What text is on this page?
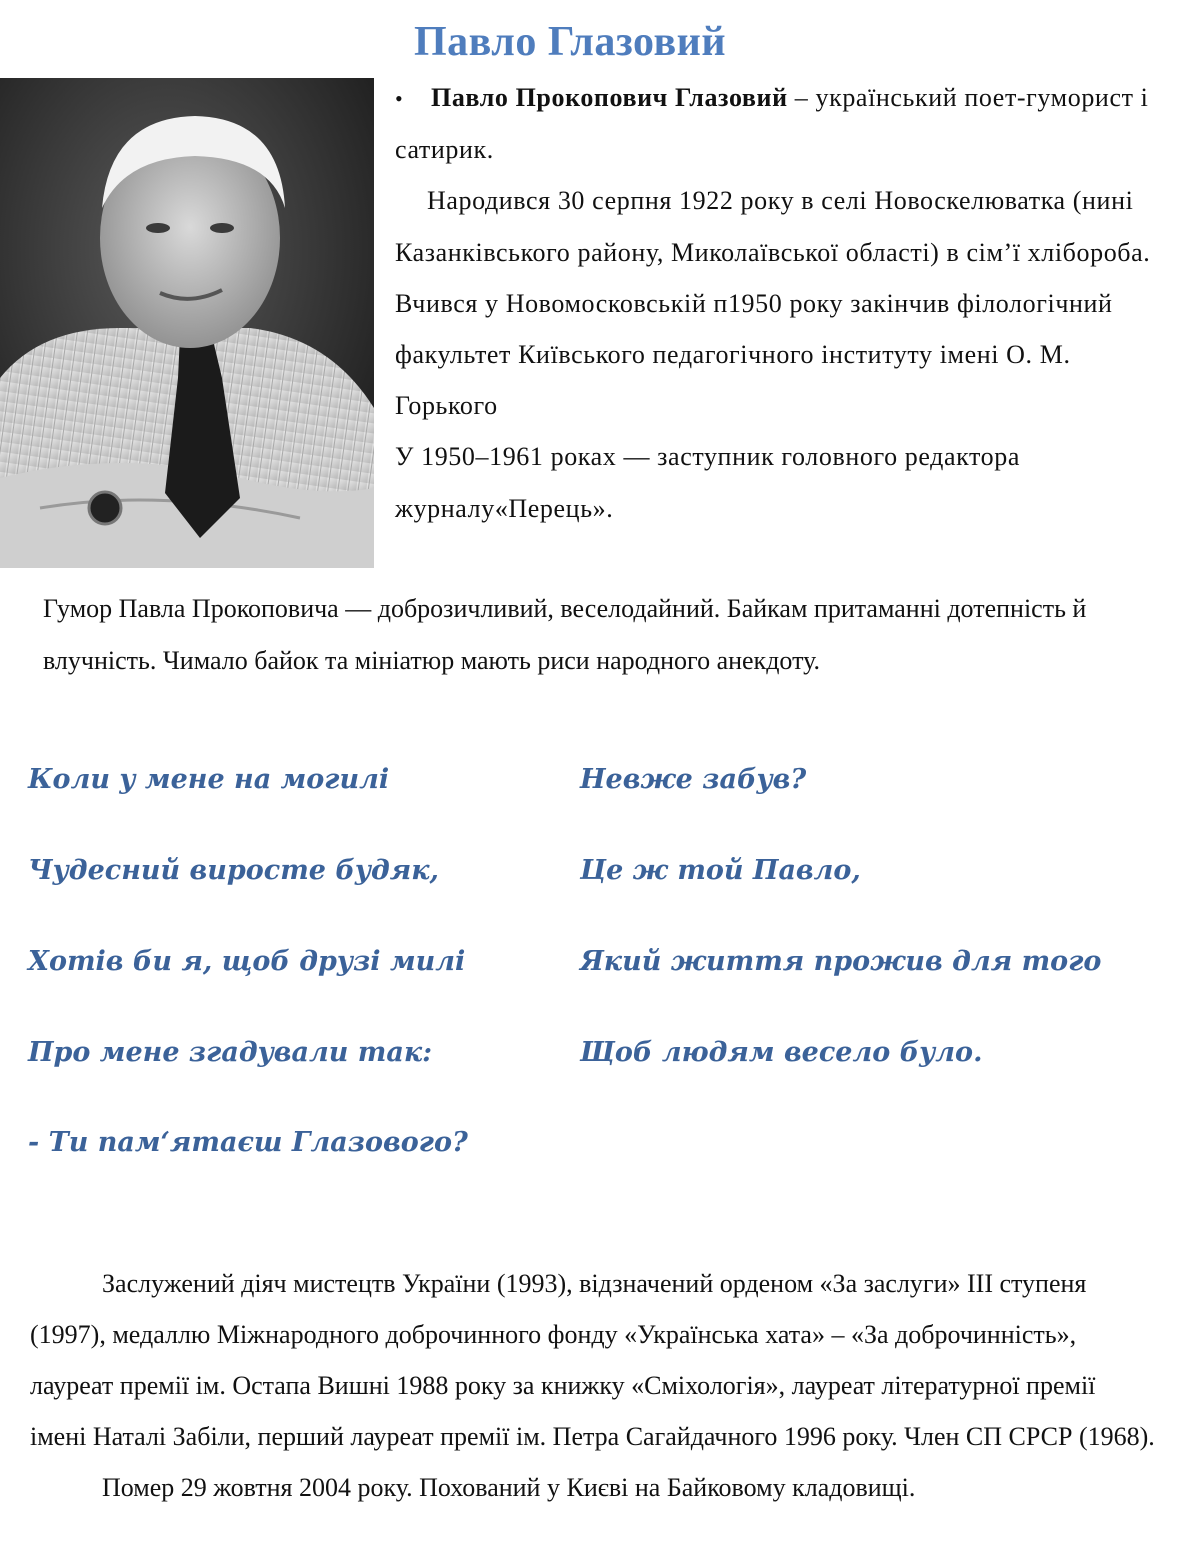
Павло Глазовий

• Павло Прокопович Глазовий – український поет-гуморист і сатирик.

Народився 30 серпня 1922 року в селі Новоскелюватка (нині Казанківського району, Миколаївської області) в сім’ї хлібороба. Вчився у Новомосковській п1950 року закінчив філологічний факультет Київського педагогічного інституту імені О. М. Горького

У 1950–1961 роках — заступник головного редактора журналу«Перець».

Гумор Павла Прокоповича — доброзичливий, веселодайний. Байкам притаманні дотепність й влучність. Чимало байок та мініатюр мають риси народного анекдоту.

Коли у мене на могилі
Чудесний виросте будяк,
Хотів би я, щоб друзі милі
Про мене згадували так:
- Ти пам‘ятаєш Глазового?
Невже забув?
Це ж той Павло,
Який життя прожив для того
Щоб людям весело було.

Заслужений діяч мистецтв України (1993), відзначений орденом «За заслуги» III ступеня (1997), медаллю Міжнародного доброчинного фонду «Українська хата» – «За доброчинність», лауреат премії ім. Остапа Вишні 1988 року за книжку «Сміхологія», лауреат літературної премії імені Наталі Забіли, перший лауреат премії ім. Петра Сагайдачного 1996 року. Член СП СРСР (1968).

Помер 29 жовтня 2004 року. Похований у Києві на Байковому кладовищі.
